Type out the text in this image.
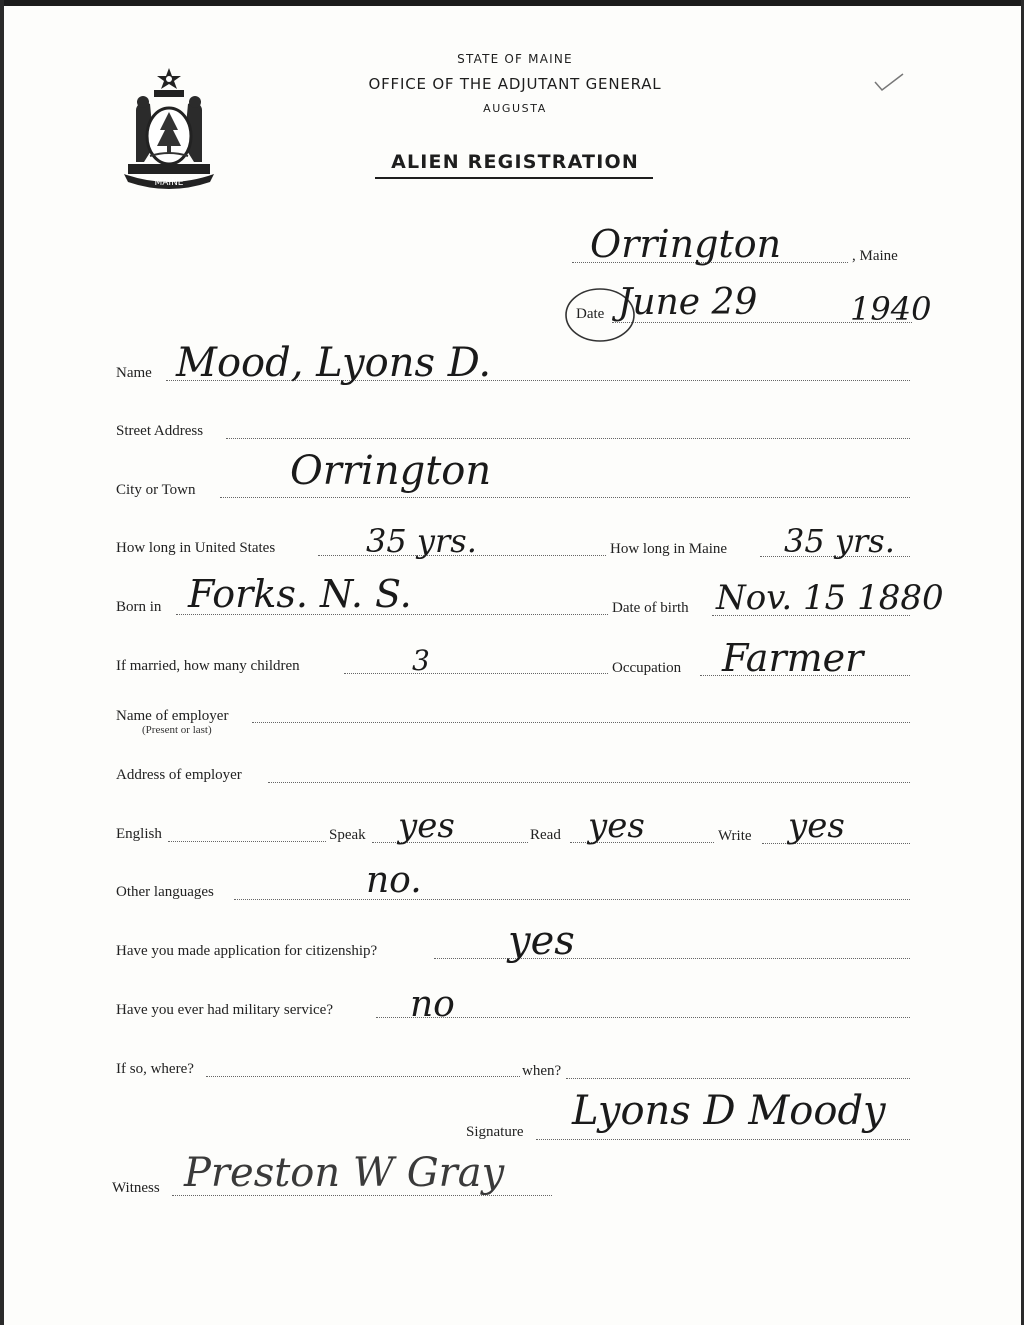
MAINE
STATE OF MAINE
OFFICE OF THE ADJUTANT GENERAL
AUGUSTA
ALIEN REGISTRATION
Orrington	, Maine
Date June 29	1940
Name Mood, Lyons D.
Street Address
City or Town Orrington
How long in United States	35 yrs.	How long in Maine 35 yrs.
Born in Forks. N. S.	Date of birth Nov. 15 1880
If married, how many children	3	Occupation Farmer
Name of employer
(Present or last)
Address of employer
English	Speak yes	Read yes	Write yes
Other languages	no.
Have you made application for citizenship?	yes
Have you ever had military service? no
If so, where?	when?
Signature Lyons D Moody
Witness Preston W Gray
